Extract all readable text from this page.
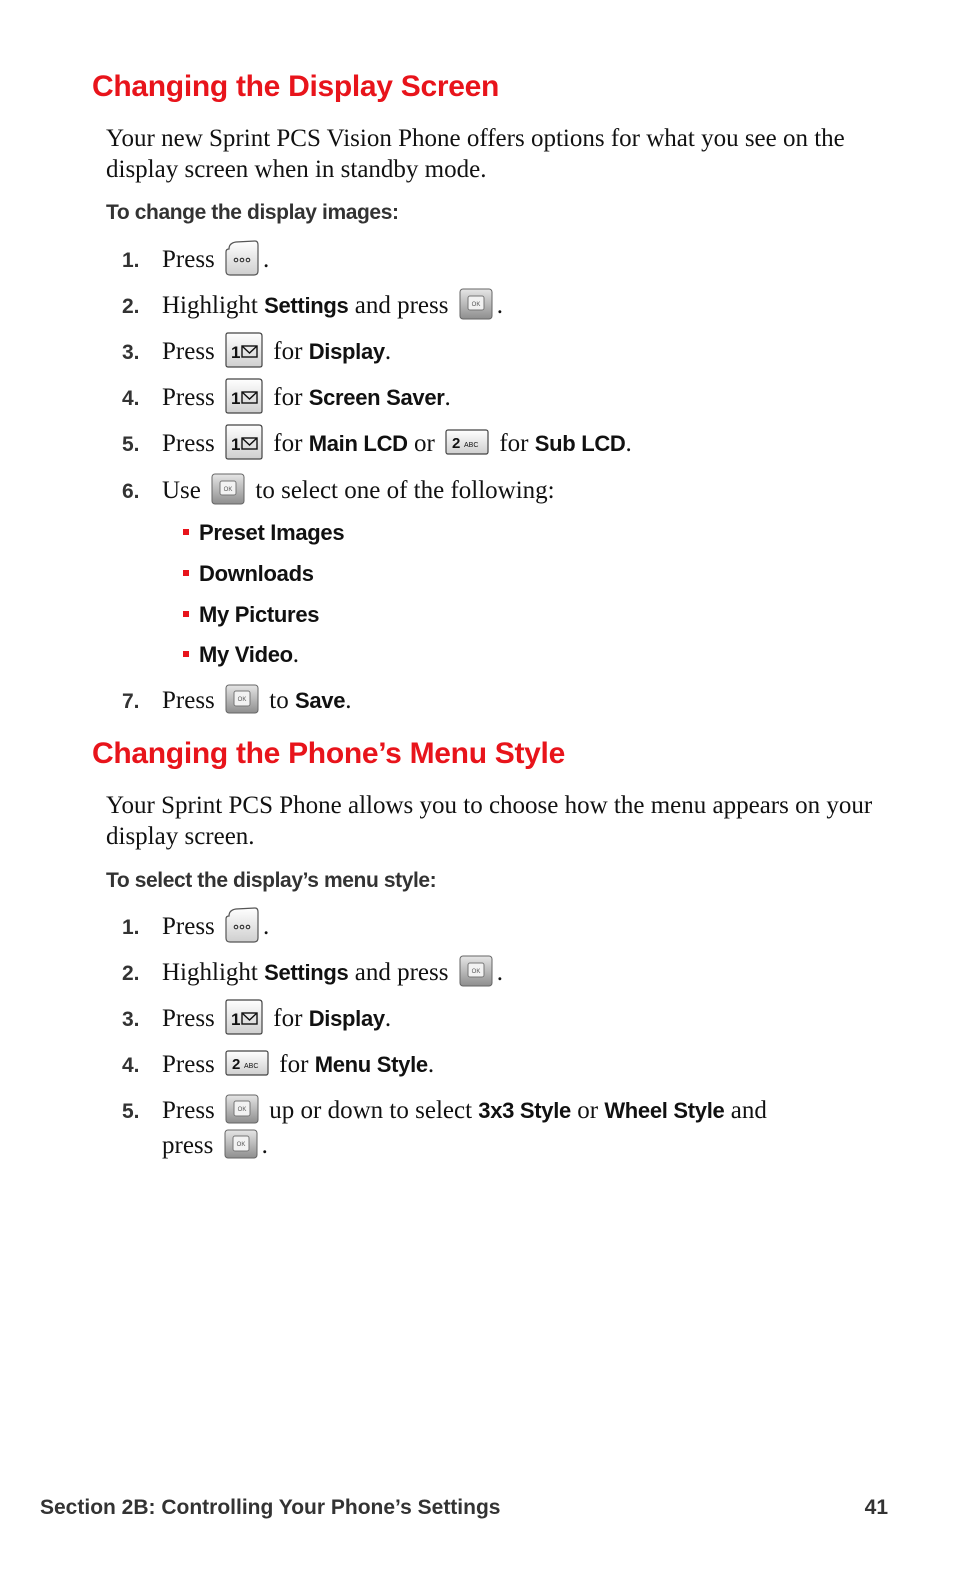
Changing the Display Screen

Your new Sprint PCS Vision Phone offers options for what you see on the display screen when in standby mode.

To change the display images:
1. Press .
2. Highlight Settings and press	OK .
3. Press 1 for Display.
4. Press 1 for Screen Saver.
5. Press 1 for Main LCD or 2 ABC for Sub LCD.
6. Use	OK to select one of the following:
Preset Images
Downloads
My Pictures
My Video.
7. Press	OK to Save.
Changing the Phone’s Menu Style

Your Sprint PCS Phone allows you to choose how the menu appears on your display screen.

To select the display’s menu style:
1. Press .
2. Highlight Settings and press	OK .
3. Press 1 for Display.
4. Press 2 ABC for Menu Style.
5. Press	OK up or down to select 3x3 Style or Wheel Style and
press	OK .
Section 2B: Controlling Your Phone’s Settings	41
